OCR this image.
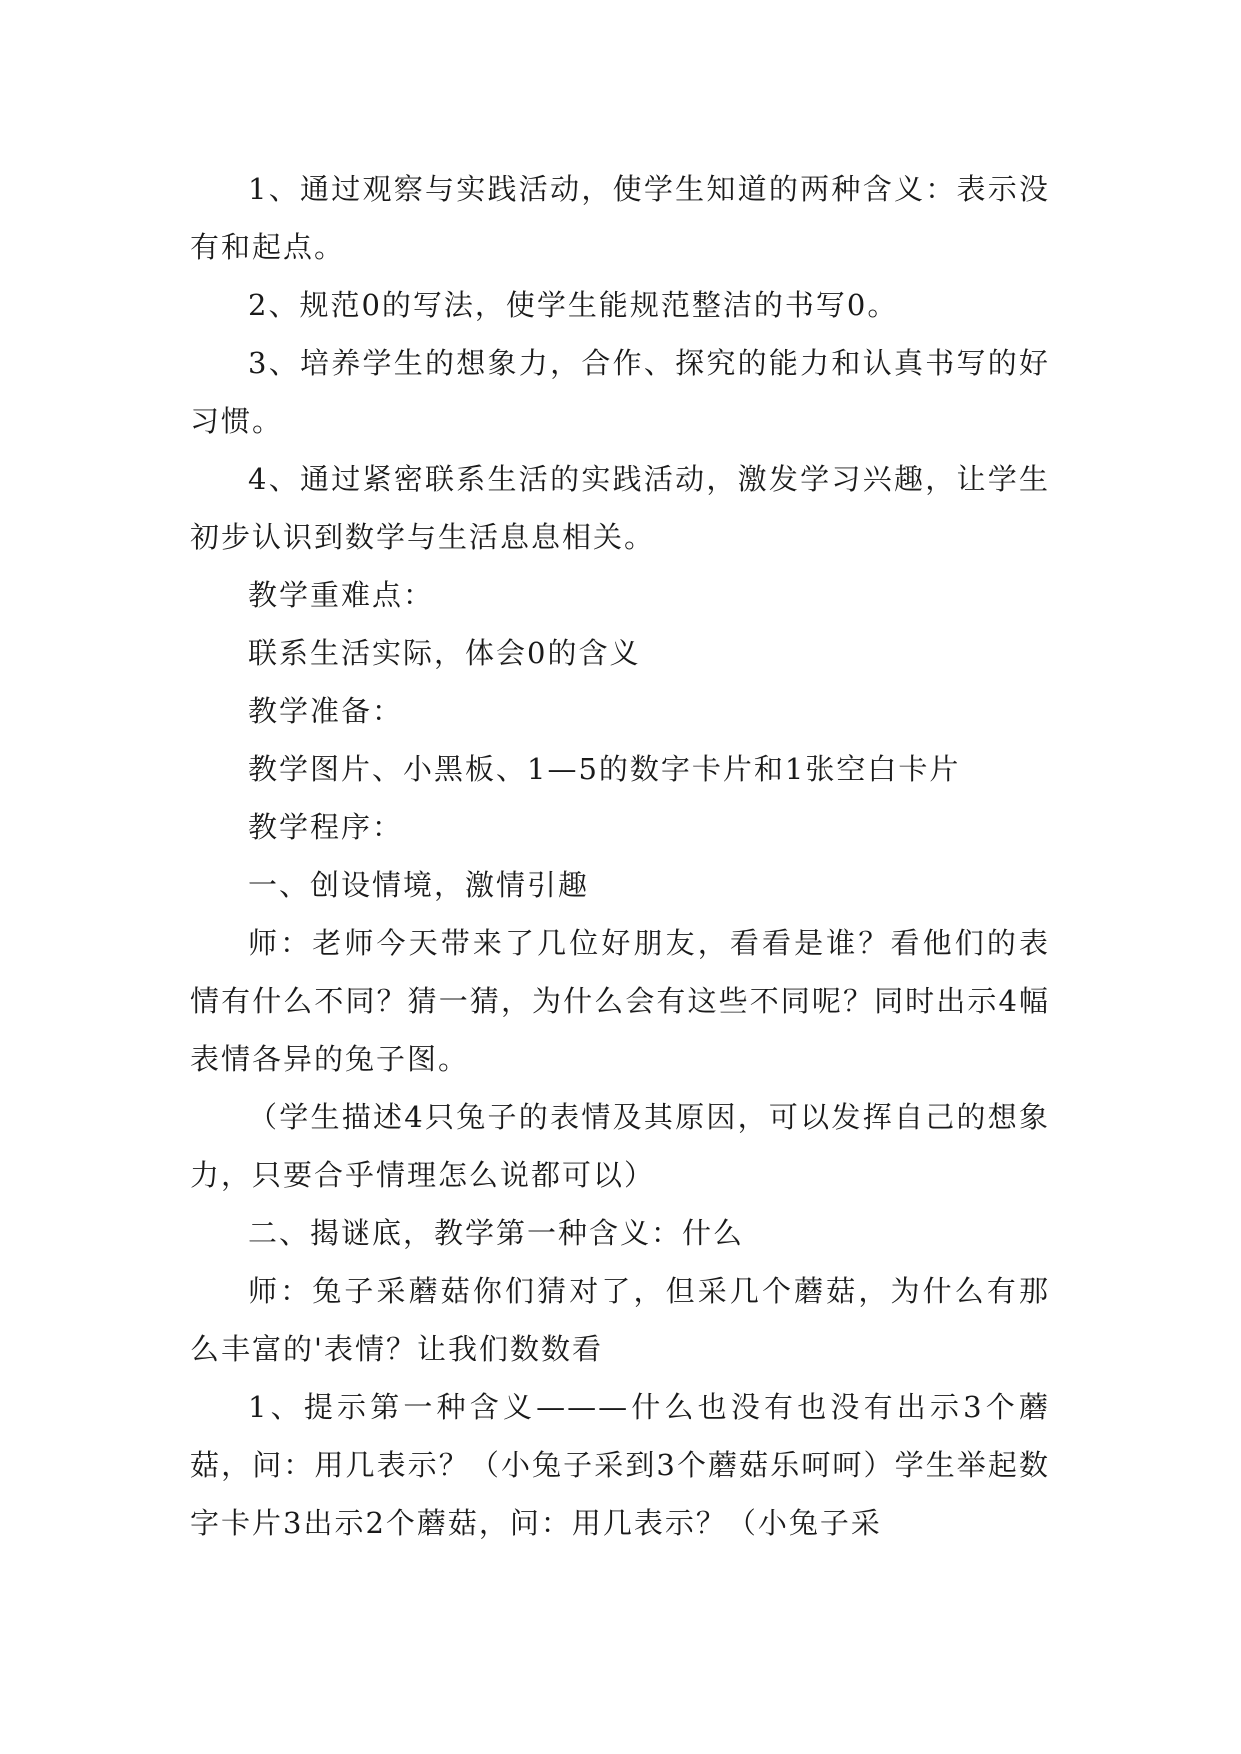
1、通过观察与实践活动，使学生知道的两种含义：表示没有和起点。

2、规范0的写法，使学生能规范整洁的书写0。

3、培养学生的想象力，合作、探究的能力和认真书写的好习惯。

4、通过紧密联系生活的实践活动，激发学习兴趣，让学生初步认识到数学与生活息息相关。

教学重难点：

联系生活实际，体会0的含义

教学准备：

教学图片、小黑板、1—5的数字卡片和1张空白卡片

教学程序：

一、创设情境，激情引趣

师：老师今天带来了几位好朋友，看看是谁？看他们的表情有什么不同？猜一猜，为什么会有这些不同呢？同时出示4幅表情各异的兔子图。

（学生描述4只兔子的表情及其原因，可以发挥自己的想象力，只要合乎情理怎么说都可以）

二、揭谜底，教学第一种含义：什么

师：兔子采蘑菇你们猜对了，但采几个蘑菇，为什么有那么丰富的'表情？让我们数数看

1、提示第一种含义———什么也没有也没有出示3个蘑菇，问：用几表示？（小兔子采到3个蘑菇乐呵呵）学生举起数字卡片3出示2个蘑菇，问：用几表示？（小兔子采
